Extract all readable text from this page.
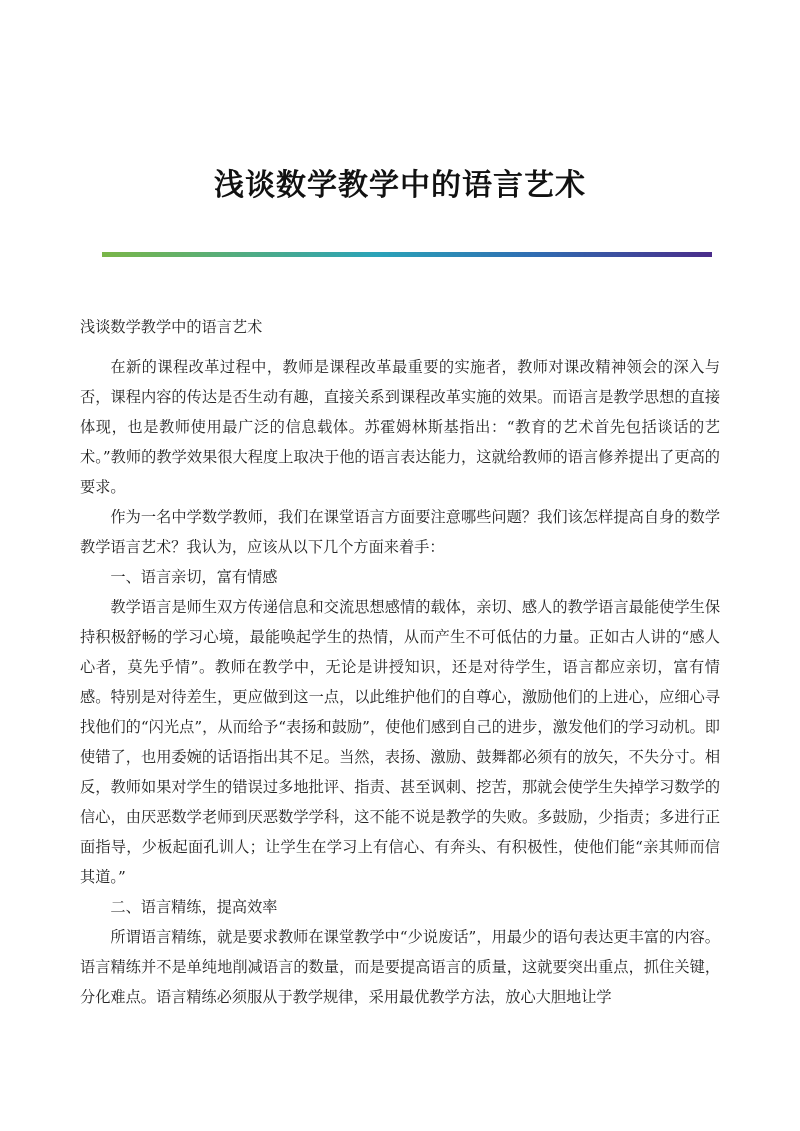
浅谈数学教学中的语言艺术
浅谈数学教学中的语言艺术

在新的课程改革过程中，教师是课程改革最重要的实施者，教师对课改精神领会的深入与否，课程内容的传达是否生动有趣，直接关系到课程改革实施的效果。而语言是教学思想的直接体现，也是教师使用最广泛的信息载体。苏霍姆林斯基指出：“教育的艺术首先包括谈话的艺术。”教师的教学效果很大程度上取决于他的语言表达能力，这就给教师的语言修养提出了更高的要求。

作为一名中学数学教师，我们在课堂语言方面要注意哪些问题？我们该怎样提高自身的数学教学语言艺术？我认为，应该从以下几个方面来着手：

一、语言亲切，富有情感

教学语言是师生双方传递信息和交流思想感情的载体，亲切、感人的教学语言最能使学生保持积极舒畅的学习心境，最能唤起学生的热情，从而产生不可低估的力量。正如古人讲的“感人心者，莫先乎情”。教师在教学中，无论是讲授知识，还是对待学生，语言都应亲切，富有情感。特别是对待差生，更应做到这一点，以此维护他们的自尊心，激励他们的上进心，应细心寻找他们的“闪光点”，从而给予“表扬和鼓励”，使他们感到自己的进步，激发他们的学习动机。即使错了，也用委婉的话语指出其不足。当然，表扬、激励、鼓舞都必须有的放矢，不失分寸。相反，教师如果对学生的错误过多地批评、指责、甚至讽刺、挖苦，那就会使学生失掉学习数学的信心，由厌恶数学老师到厌恶数学学科，这不能不说是教学的失败。多鼓励，少指责；多进行正面指导，少板起面孔训人；让学生在学习上有信心、有奔头、有积极性，使他们能“亲其师而信其道。”

二、语言精练，提高效率

所谓语言精练，就是要求教师在课堂教学中“少说废话”，用最少的语句表达更丰富的内容。语言精练并不是单纯地削减语言的数量，而是要提高语言的质量，这就要突出重点，抓住关键，分化难点。语言精练必须服从于教学规律，采用最优教学方法，放心大胆地让学
